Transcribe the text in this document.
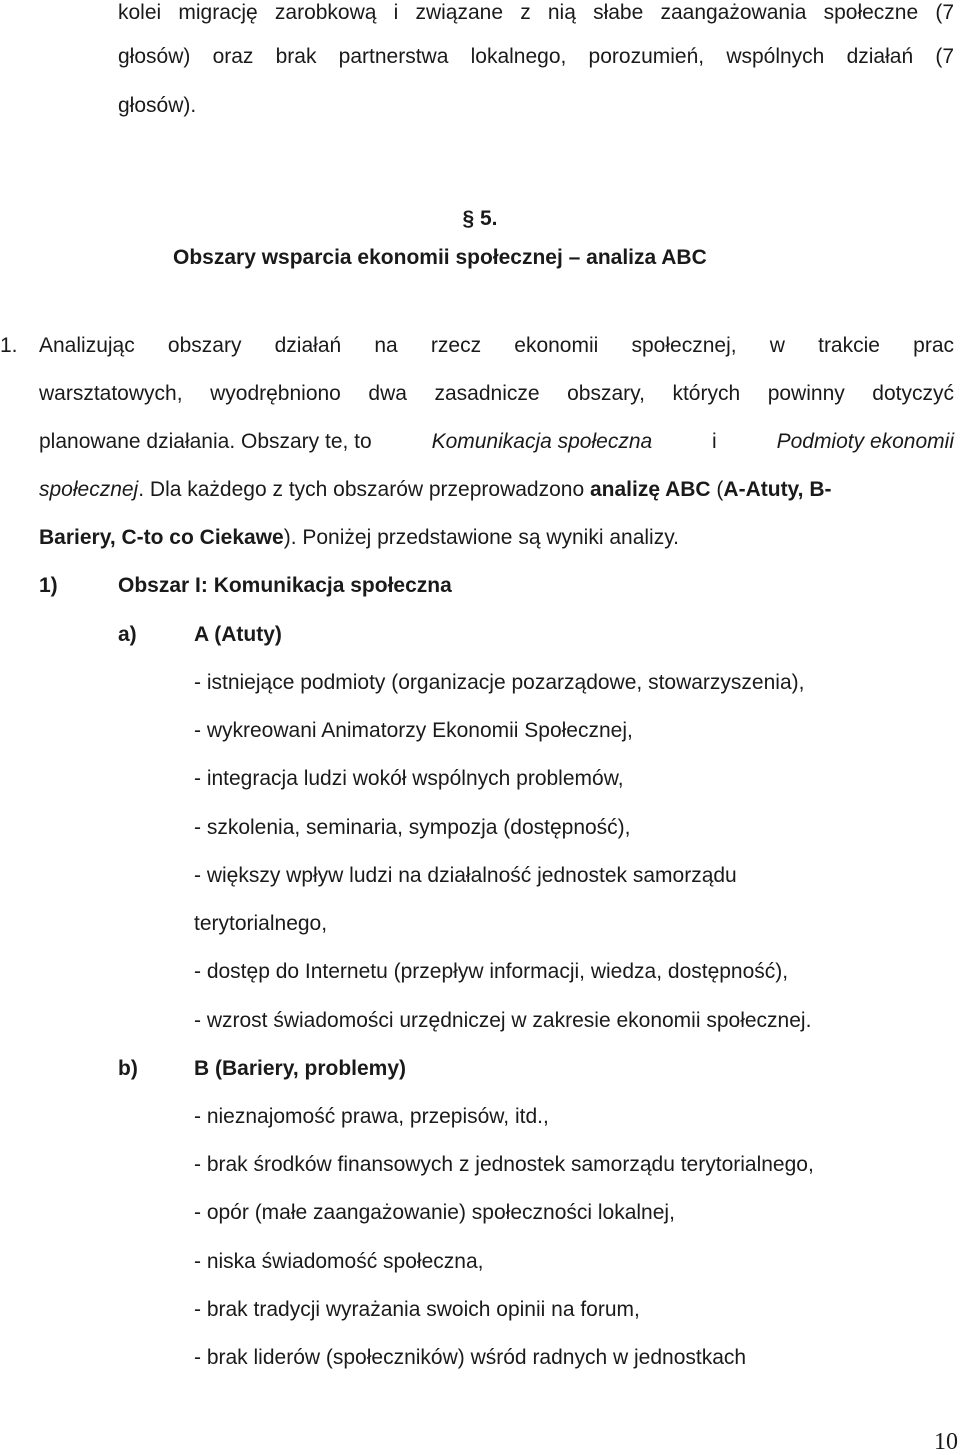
kolei migrację zarobkową i związane z nią słabe zaangażowania społeczne (7
głosów) oraz brak partnerstwa lokalnego, porozumień, wspólnych działań (7
głosów).
§ 5.
Obszary wsparcia ekonomii społecznej – analiza ABC
1. Analizując obszary działań na rzecz ekonomii społecznej, w trakcie prac
warsztatowych, wyodrębniono dwa zasadnicze obszary, których powinny dotyczyć
planowane działania. Obszary te, to	Komunikacja społeczna	i	Podmioty ekonomii
społecznej. Dla każdego z tych obszarów przeprowadzono analizę ABC (A-Atuty, B-
Bariery, C-to co Ciekawe). Poniżej przedstawione są wyniki analizy.
1)	Obszar I: Komunikacja społeczna
a)	A (Atuty)
- istniejące podmioty (organizacje pozarządowe, stowarzyszenia),
- wykreowani Animatorzy Ekonomii Społecznej,
- integracja ludzi wokół wspólnych problemów,
- szkolenia, seminaria, sympozja (dostępność),
- większy wpływ ludzi na działalność jednostek samorządu
terytorialnego,
- dostęp do Internetu (przepływ informacji, wiedza, dostępność),
- wzrost świadomości urzędniczej w zakresie ekonomii społecznej.
b)	B (Bariery, problemy)
- nieznajomość prawa, przepisów, itd.,
- brak środków finansowych z jednostek samorządu terytorialnego,
- opór (małe zaangażowanie) społeczności lokalnej,
- niska świadomość społeczna,
- brak tradycji wyrażania swoich opinii na forum,
- brak liderów (społeczników) wśród radnych w jednostkach
10
